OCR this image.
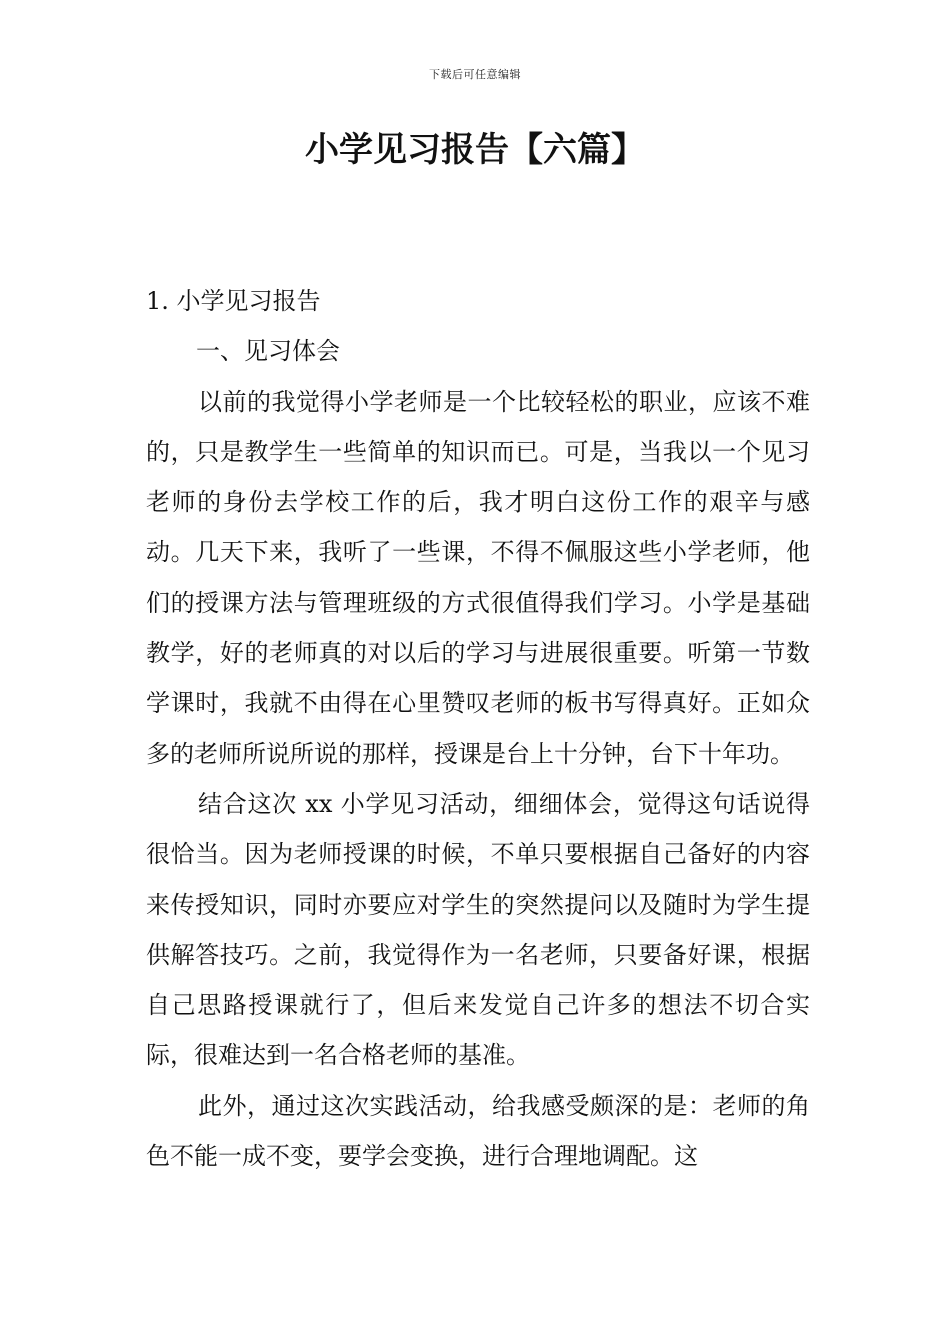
下载后可任意编辑
小学见习报告【六篇】

1. 小学见习报告

一、见习体会

以前的我觉得小学老师是一个比较轻松的职业，应该不难的，只是教学生一些简单的知识而已。可是，当我以一个见习老师的身份去学校工作的后，我才明白这份工作的艰辛与感动。几天下来，我听了一些课，不得不佩服这些小学老师，他们的授课方法与管理班级的方式很值得我们学习。小学是基础教学，好的老师真的对以后的学习与进展很重要。听第一节数学课时，我就不由得在心里赞叹老师的板书写得真好。正如众多的老师所说所说的那样，授课是台上十分钟，台下十年功。

结合这次 xx 小学见习活动，细细体会，觉得这句话说得很恰当。因为老师授课的时候，不单只要根据自己备好的内容来传授知识，同时亦要应对学生的突然提问以及随时为学生提供解答技巧。之前，我觉得作为一名老师，只要备好课，根据自己思路授课就行了，但后来发觉自己许多的想法不切合实际，很难达到一名合格老师的基准。

此外，通过这次实践活动，给我感受颇深的是：老师的角色不能一成不变，要学会变换，进行合理地调配。这
